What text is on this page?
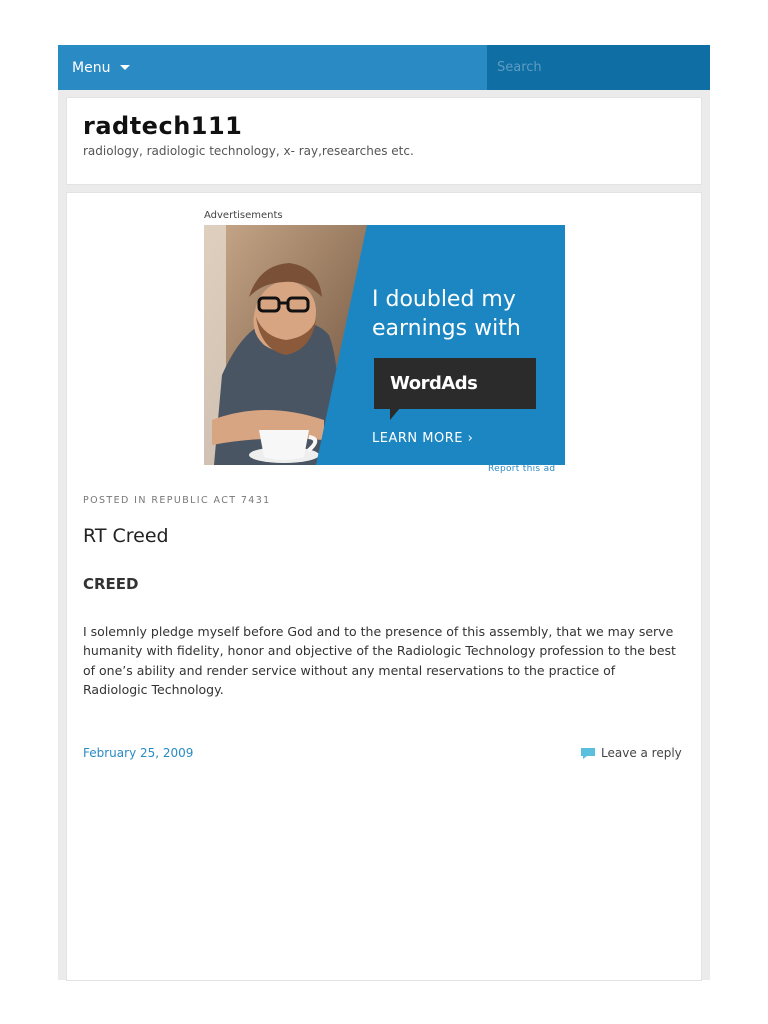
Menu
Search
radtech111
radiology, radiologic technology, x- ray,researches etc.
Advertisements
I doubled my earnings with
WordAds
LEARN MORE ›
Report this ad
POSTED IN REPUBLIC ACT 7431
RT Creed
CREED

I solemnly pledge myself before God and to the presence of this assembly, that we may serve humanity with fidelity, honor and objective of the Radiologic Technology profession to the best of one’s ability and render service without any mental reservations to the practice of Radiologic Technology.

February 25, 2009	Leave a reply
